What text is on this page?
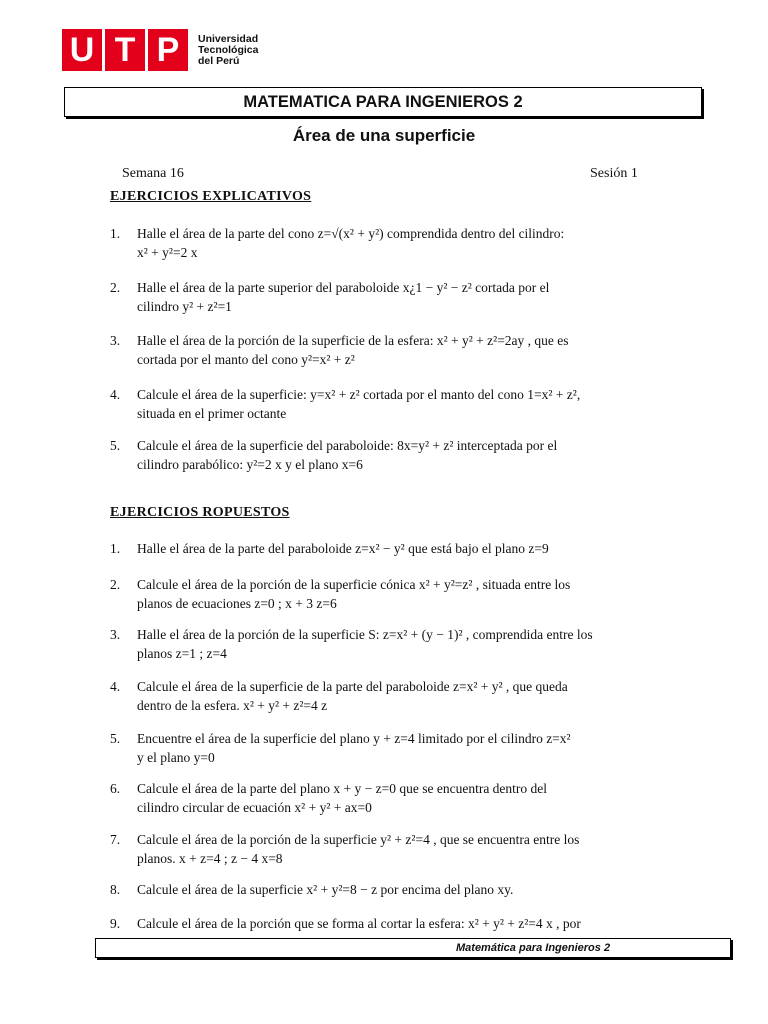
U T P	Universidad
Tecnológica
del Perú
MATEMATICA PARA INGENIEROS 2
Área de una superficie
Semana 16	Sesión 1
EJERCICIOS EXPLICATIVOS
1. Halle el área de la parte del cono z=√(x² + y²) comprendida dentro del cilindro:
x² + y²=2 x
2. Halle el área de la parte superior del paraboloide x¿1 − y² − z² cortada por el
cilindro y² + z²=1
3. Halle el área de la porción de la superficie de la esfera: x² + y² + z²=2ay , que es
cortada por el manto del cono y²=x² + z²
4. Calcule el área de la superficie: y=x² + z² cortada por el manto del cono 1=x² + z²,
situada en el primer octante
5. Calcule el área de la superficie del paraboloide: 8x=y² + z² interceptada por el
cilindro parabólico: y²=2 x y el plano x=6
EJERCICIOS ROPUESTOS
1. Halle el área de la parte del paraboloide z=x² − y² que está bajo el plano z=9
2. Calcule el área de la porción de la superficie cónica x² + y²=z² , situada entre los
planos de ecuaciones z=0 ; x + 3 z=6
3. Halle el área de la porción de la superficie S: z=x² + (y − 1)² , comprendida entre los
planos z=1 ; z=4
4. Calcule el área de la superficie de la parte del paraboloide z=x² + y² , que queda
dentro de la esfera. x² + y² + z²=4 z
5. Encuentre el área de la superficie del plano y + z=4 limitado por el cilindro z=x²
y el plano y=0
6. Calcule el área de la parte del plano x + y − z=0 que se encuentra dentro del
cilindro circular de ecuación x² + y² + ax=0
7. Calcule el área de la porción de la superficie y² + z²=4 , que se encuentra entre los
planos. x + z=4 ; z − 4 x=8
8. Calcule el área de la superficie x² + y²=8 − z por encima del plano xy.
9. Calcule el área de la porción que se forma al cortar la esfera: x² + y² + z²=4 x , por
Matemática para Ingenieros 2
